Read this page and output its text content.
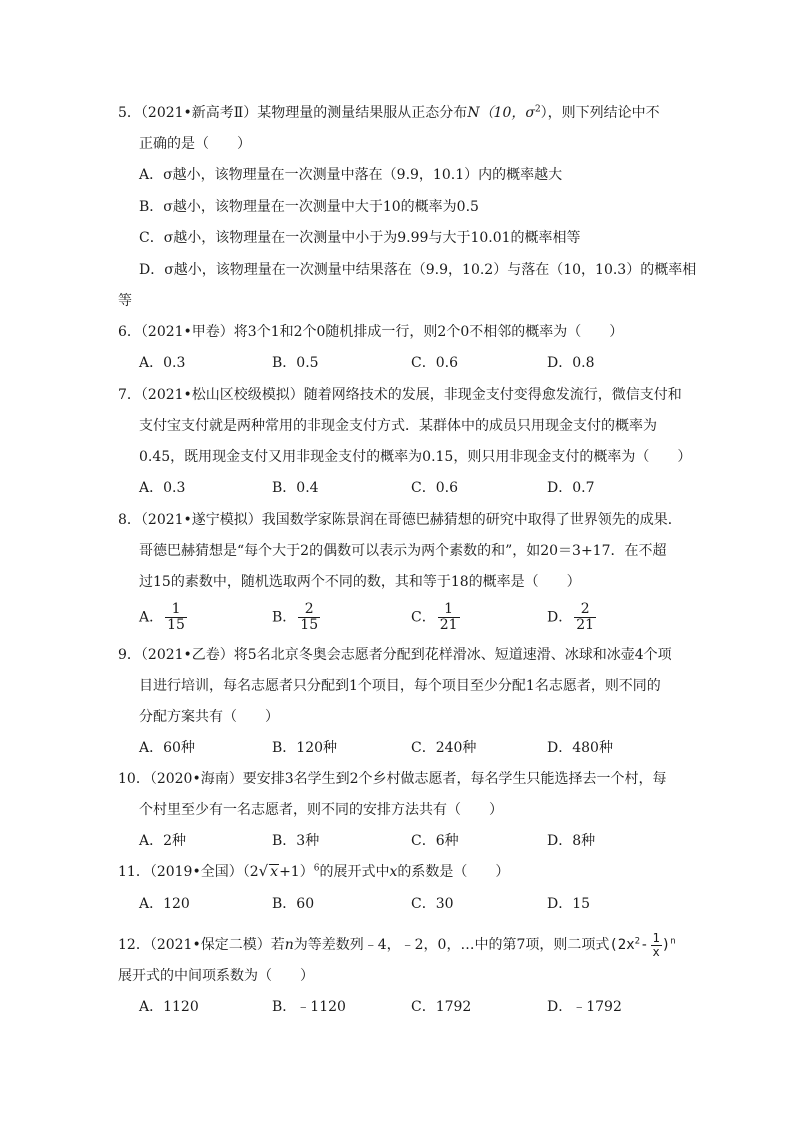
5．（2021•新高考Ⅱ）某物理量的测量结果服从正态分布N（10，$\sigma^2$），则下列结论中不
正确的是（　　）
A．σ越小，该物理量在一次测量中落在（9.9，10.1）内的概率越大
B．σ越小，该物理量在一次测量中大于10的概率为0.5
C．σ越小，该物理量在一次测量中小于为9.99与大于10.01的概率相等
D．σ越小，该物理量在一次测量中结果落在（9.9，10.2）与落在（10，10.3）的概率相
等
6．（2021•甲卷）将3个1和2个0随机排成一行，则2个0不相邻的概率为（　　）
A．0.3	B．0.5	C．0.6	D．0.8
7．（2021•松山区校级模拟）随着网络技术的发展，非现金支付变得愈发流行，微信支付和
支付宝支付就是两种常用的非现金支付方式．某群体中的成员只用现金支付的概率为
0.45，既用现金支付又用非现金支付的概率为0.15，则只用非现金支付的概率为（　　）
A．0.3	B．0.4	C．0.6	D．0.7
8．（2021•遂宁模拟）我国数学家陈景润在哥德巴赫猜想的研究中取得了世界领先的成果．
哥德巴赫猜想是“每个大于2的偶数可以表示为两个素数的和”，如20＝3+17．在不超
过15的素数中，随机选取两个不同的数，其和等于18的概率是（　　）
A． $\frac{1}{15}$	B． $\frac{2}{15}$	C． $\frac{1}{21}$	D． $\frac{2}{21}$
9．（2021•乙卷）将5名北京冬奥会志愿者分配到花样滑冰、短道速滑、冰球和冰壶4个项
目进行培训，每名志愿者只分配到1个项目，每个项目至少分配1名志愿者，则不同的
分配方案共有（　　）
A．60种	B．120种	C．240种	D．480种
10．（2020•海南）要安排3名学生到2个乡村做志愿者，每名学生只能选择去一个村，每
个村里至少有一名志愿者，则不同的安排方法共有（　　）
A．2种	B．3种	C．6种	D．8种
11．（2019•全国）（2√ x+1）$^6$的展开式中x的系数是（　　）
A．120	B．60	C．30	D．15
12．（2021•保定二模）若n为等差数列﹣4，﹣2，0，…中的第7项，则二项式$(2x^2- \frac{1}{x} )^n$
展开式的中间项系数为（　　）
A．1120	B．﹣1120	C．1792	D．﹣1792
